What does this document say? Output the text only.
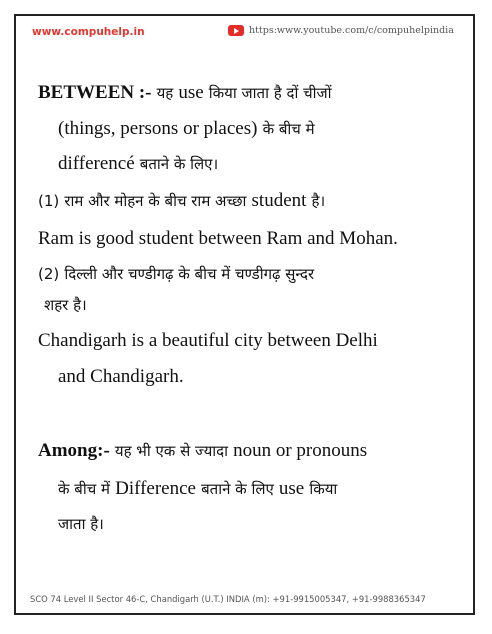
www.compuhelp.in	https:www.youtube.com/c/compuhelpindia
BETWEEN :- यह use किया जाता है दों चीजों
(things, persons or places) के बीच मे
differencé बताने के लिए।
(1) राम और मोहन के बीच राम अच्छा student है।
Ram is good student between Ram and Mohan.
(2) दिल्ली और चण्डीगढ़ के बीच में चण्डीगढ़ सुन्दर
शहर है।
Chandigarh is a beautiful city between Delhi
and Chandigarh.
Among:- यह भी एक से ज्यादा noun or pronouns
के बीच में Difference बताने के लिए use किया
जाता है।
SCO 74 Level II Sector 46-C, Chandigarh (U.T.) INDIA (m): +91-9915005347, +91-9988365347
